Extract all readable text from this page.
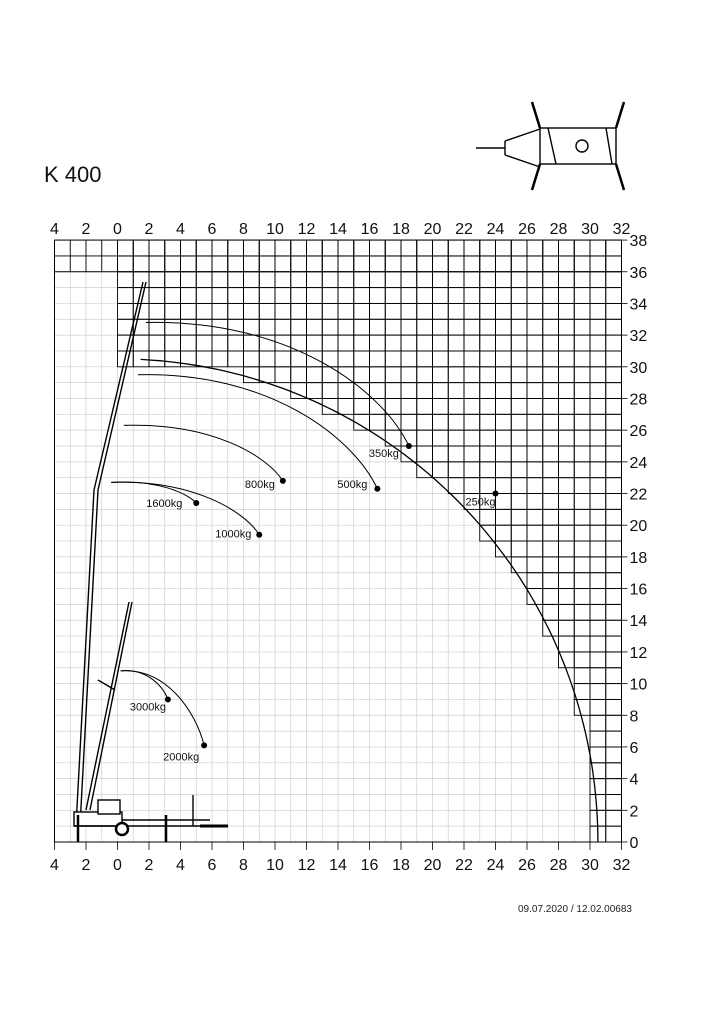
K 400
09.07.2020 / 12.02.00683
4
4
2
2
0
0
2
2
4
4
6
6
8
8
10
10
12
12
14
14
16
16
18
18
20
20
22
22
24
24
26
26
28
28
30
30
32
32
0
2
4
6
8
10
12
14
16
18
20
22
24
26
28
30
32
34
36
38
250kg
350kg
500kg
800kg
1000kg
1600kg
2000kg
3000kg
